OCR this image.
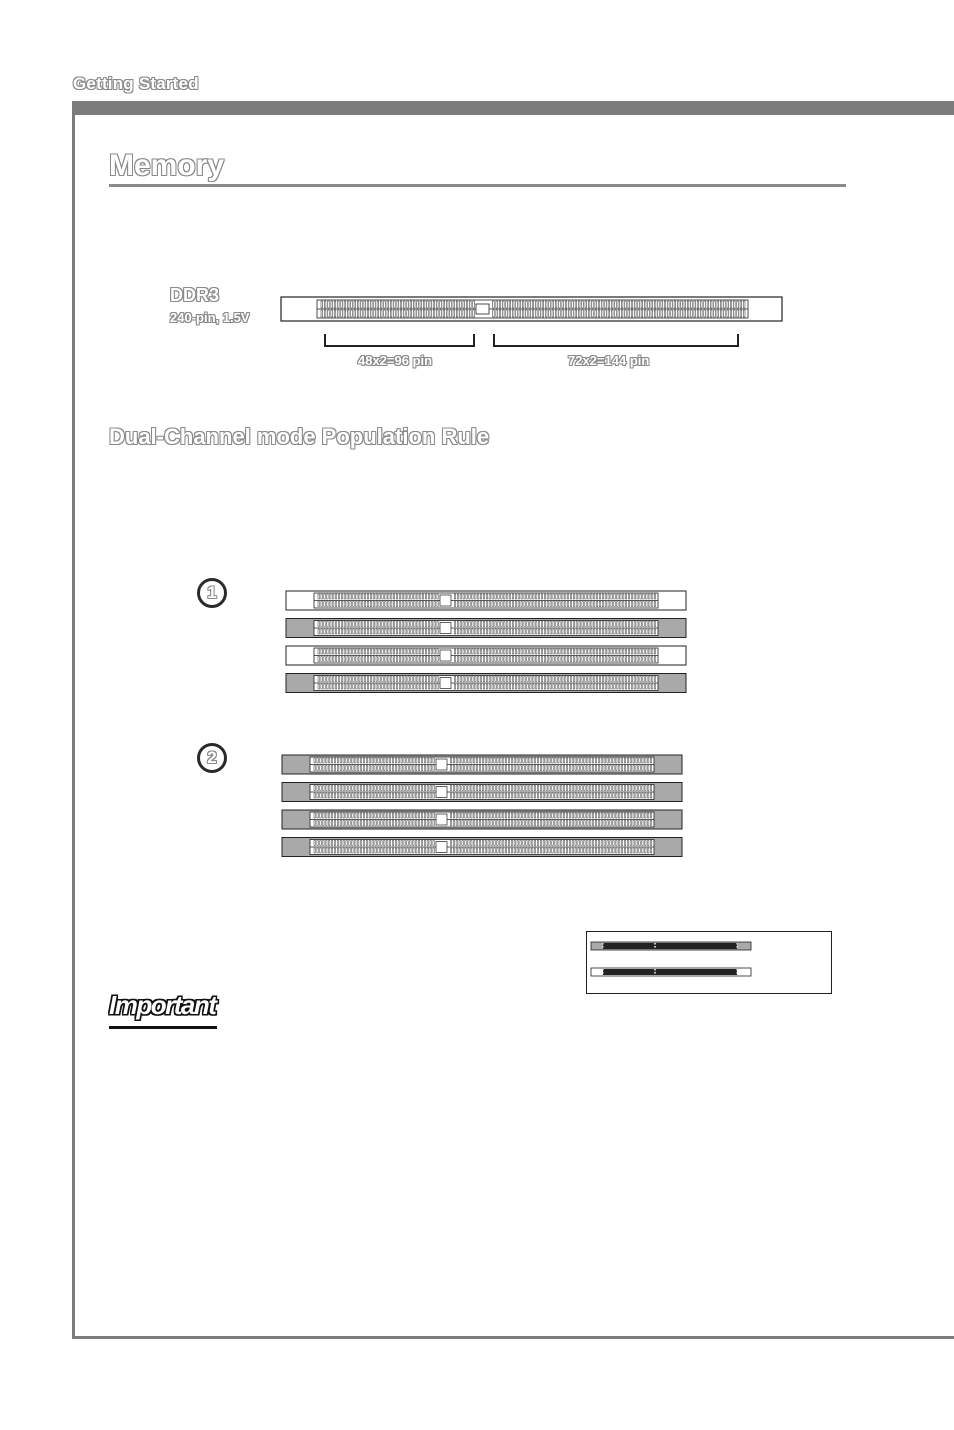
Getting Started
Memory
DDR3
240-pin, 1.5V
48x2=96 pin	72x2=144 pin
Dual-Channel mode Population Rule
1
2
Important
